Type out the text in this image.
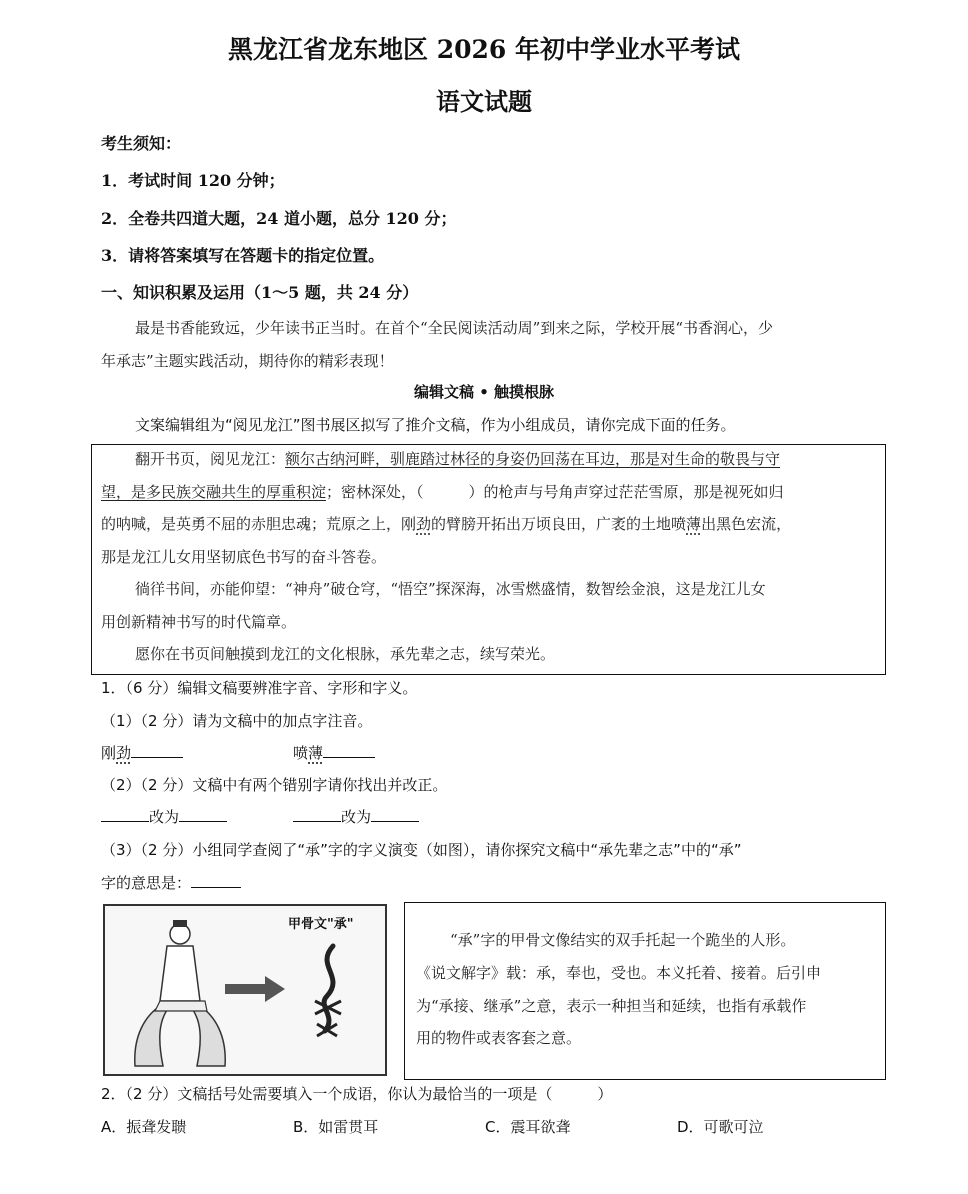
黑龙江省龙东地区 2026 年初中学业水平考试
语文试题
考生须知：
1．考试时间 120 分钟；
2．全卷共四道大题，24 道小题，总分 120 分；
3．请将答案填写在答题卡的指定位置。
一、知识积累及运用（1～5 题，共 24 分）
最是书香能致远，少年读书正当时。在首个“全民阅读活动周”到来之际，学校开展“书香润心，少
年承志”主题实践活动，期待你的精彩表现！
编辑文稿 • 触摸根脉
文案编辑组为“阅见龙江”图书展区拟写了推介文稿，作为小组成员，请你完成下面的任务。
翻开书页，阅见龙江：额尔古纳河畔，驯鹿踏过林径的身姿仍回荡在耳边，那是对生命的敬畏与守
望，是多民族交融共生的厚重积淀；密林深处，（　　　）的枪声与号角声穿过茫茫雪原，那是视死如归
的呐喊，是英勇不屈的赤胆忠魂；荒原之上，刚劲的臂膀开拓出万顷良田，广袤的土地喷薄出黑色宏流，
那是龙江儿女用坚韧底色书写的奋斗答卷。
徜徉书间，亦能仰望：“神舟”破仓穹，“悟空”探深海，冰雪燃盛情，数智绘金浪，这是龙江儿女
用创新精神书写的时代篇章。
愿你在书页间触摸到龙江的文化根脉，承先辈之志，续写荣光。
1．（6 分）编辑文稿要辨准字音、字形和字义。
（1）（2 分）请为文稿中的加点字注音。
刚劲	喷薄
（2）（2 分）文稿中有两个错别字请你找出并改正。
改为	改为
（3）（2 分）小组同学查阅了“承”字的字义演变（如图），请你探究文稿中“承先辈之志”中的“承”
字的意思是：
甲骨文"承"
“承”字的甲骨文像结实的双手托起一个跪坐的人形。
《说文解字》载：承，奉也，受也。本义托着、接着。后引申
为“承接、继承”之意，表示一种担当和延续，也指有承载作
用的物件或表客套之意。
2．（2 分）文稿括号处需要填入一个成语，你认为最恰当的一项是（　　　）
A．振聋发聩	B．如雷贯耳	C．震耳欲聋	D．可歌可泣
